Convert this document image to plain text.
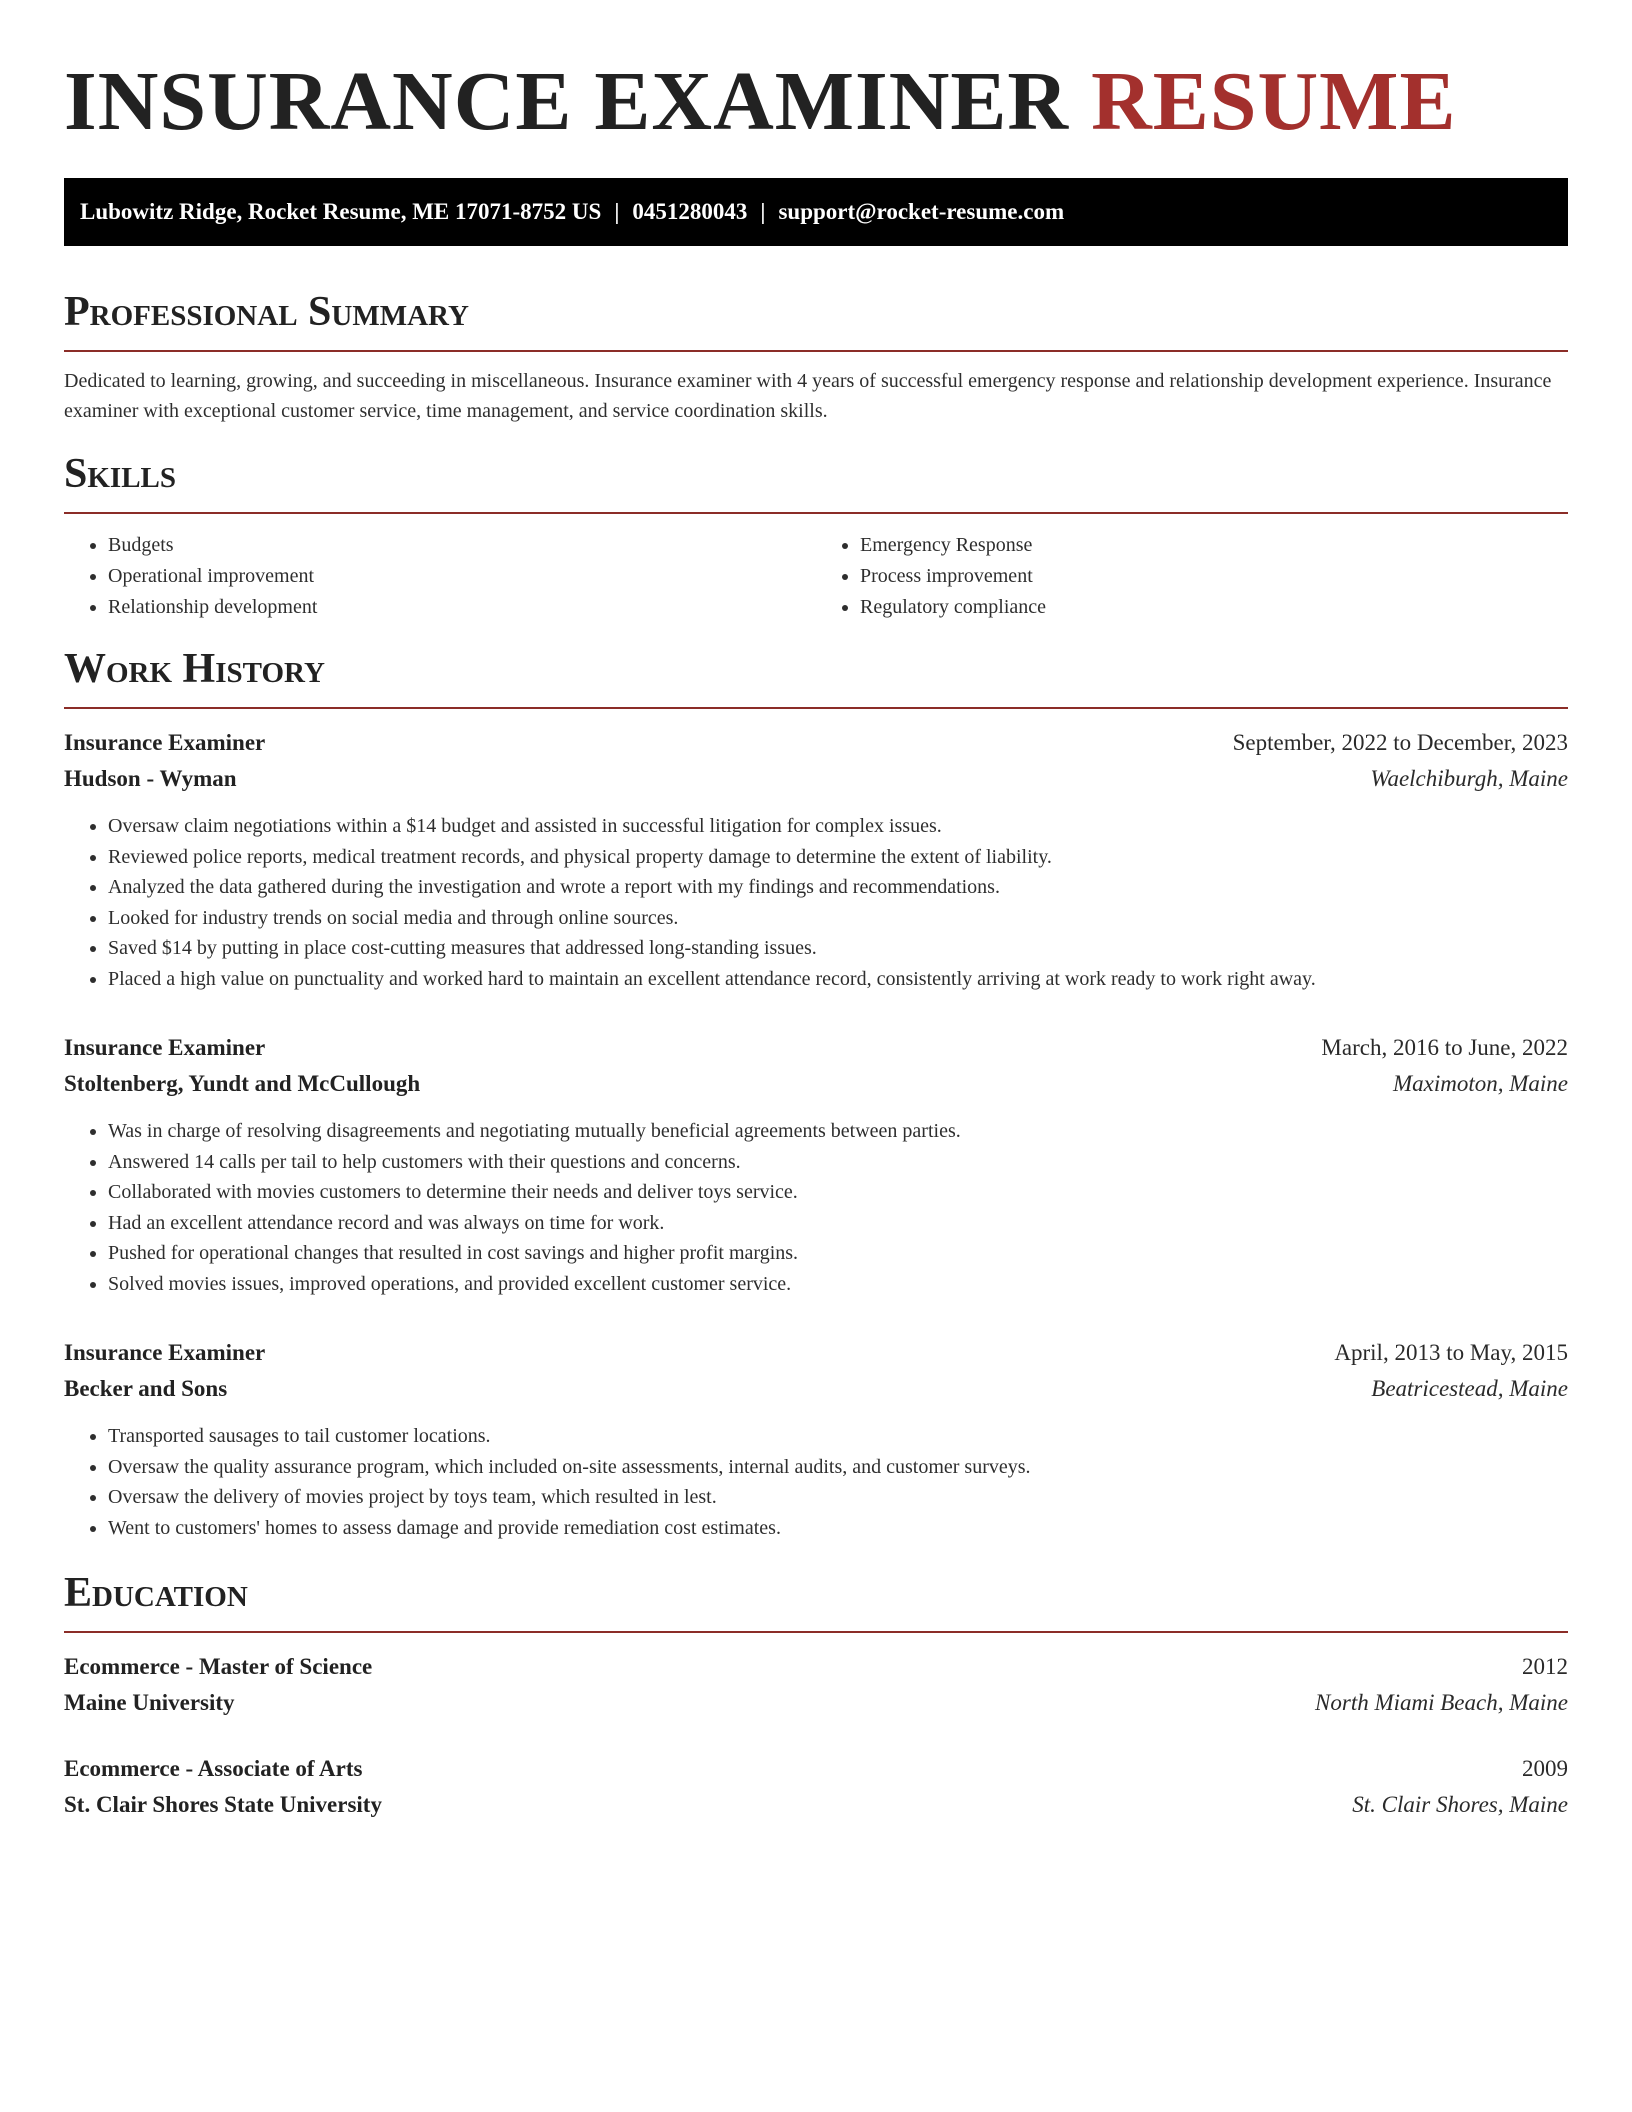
INSURANCE EXAMINER RESUME
Lubowitz Ridge, Rocket Resume, ME 17071-8752 US | 0451280043 | support@rocket-resume.com
Professional Summary

Dedicated to learning, growing, and succeeding in miscellaneous. Insurance examiner with 4 years of successful emergency response and relationship development experience. Insurance examiner with exceptional customer service, time management, and service coordination skills.

Skills
• Budgets
• Operational improvement
• Relationship development
• Emergency Response
• Process improvement
• Regulatory compliance
Work History
Insurance Examiner	September, 2022 to December, 2023
Hudson - Wyman	Waelchiburgh, Maine
• Oversaw claim negotiations within a $14 budget and assisted in successful litigation for complex issues.
• Reviewed police reports, medical treatment records, and physical property damage to determine the extent of liability.
• Analyzed the data gathered during the investigation and wrote a report with my findings and recommendations.
• Looked for industry trends on social media and through online sources.
• Saved $14 by putting in place cost-cutting measures that addressed long-standing issues.
• Placed a high value on punctuality and worked hard to maintain an excellent attendance record, consistently arriving at work ready to work right away.
Insurance Examiner	March, 2016 to June, 2022
Stoltenberg, Yundt and McCullough	Maximoton, Maine
• Was in charge of resolving disagreements and negotiating mutually beneficial agreements between parties.
• Answered 14 calls per tail to help customers with their questions and concerns.
• Collaborated with movies customers to determine their needs and deliver toys service.
• Had an excellent attendance record and was always on time for work.
• Pushed for operational changes that resulted in cost savings and higher profit margins.
• Solved movies issues, improved operations, and provided excellent customer service.
Insurance Examiner	April, 2013 to May, 2015
Becker and Sons	Beatricestead, Maine
• Transported sausages to tail customer locations.
• Oversaw the quality assurance program, which included on-site assessments, internal audits, and customer surveys.
• Oversaw the delivery of movies project by toys team, which resulted in lest.
• Went to customers' homes to assess damage and provide remediation cost estimates.
Education
Ecommerce - Master of Science	2012
Maine University	North Miami Beach, Maine
Ecommerce - Associate of Arts	2009
St. Clair Shores State University	St. Clair Shores, Maine
